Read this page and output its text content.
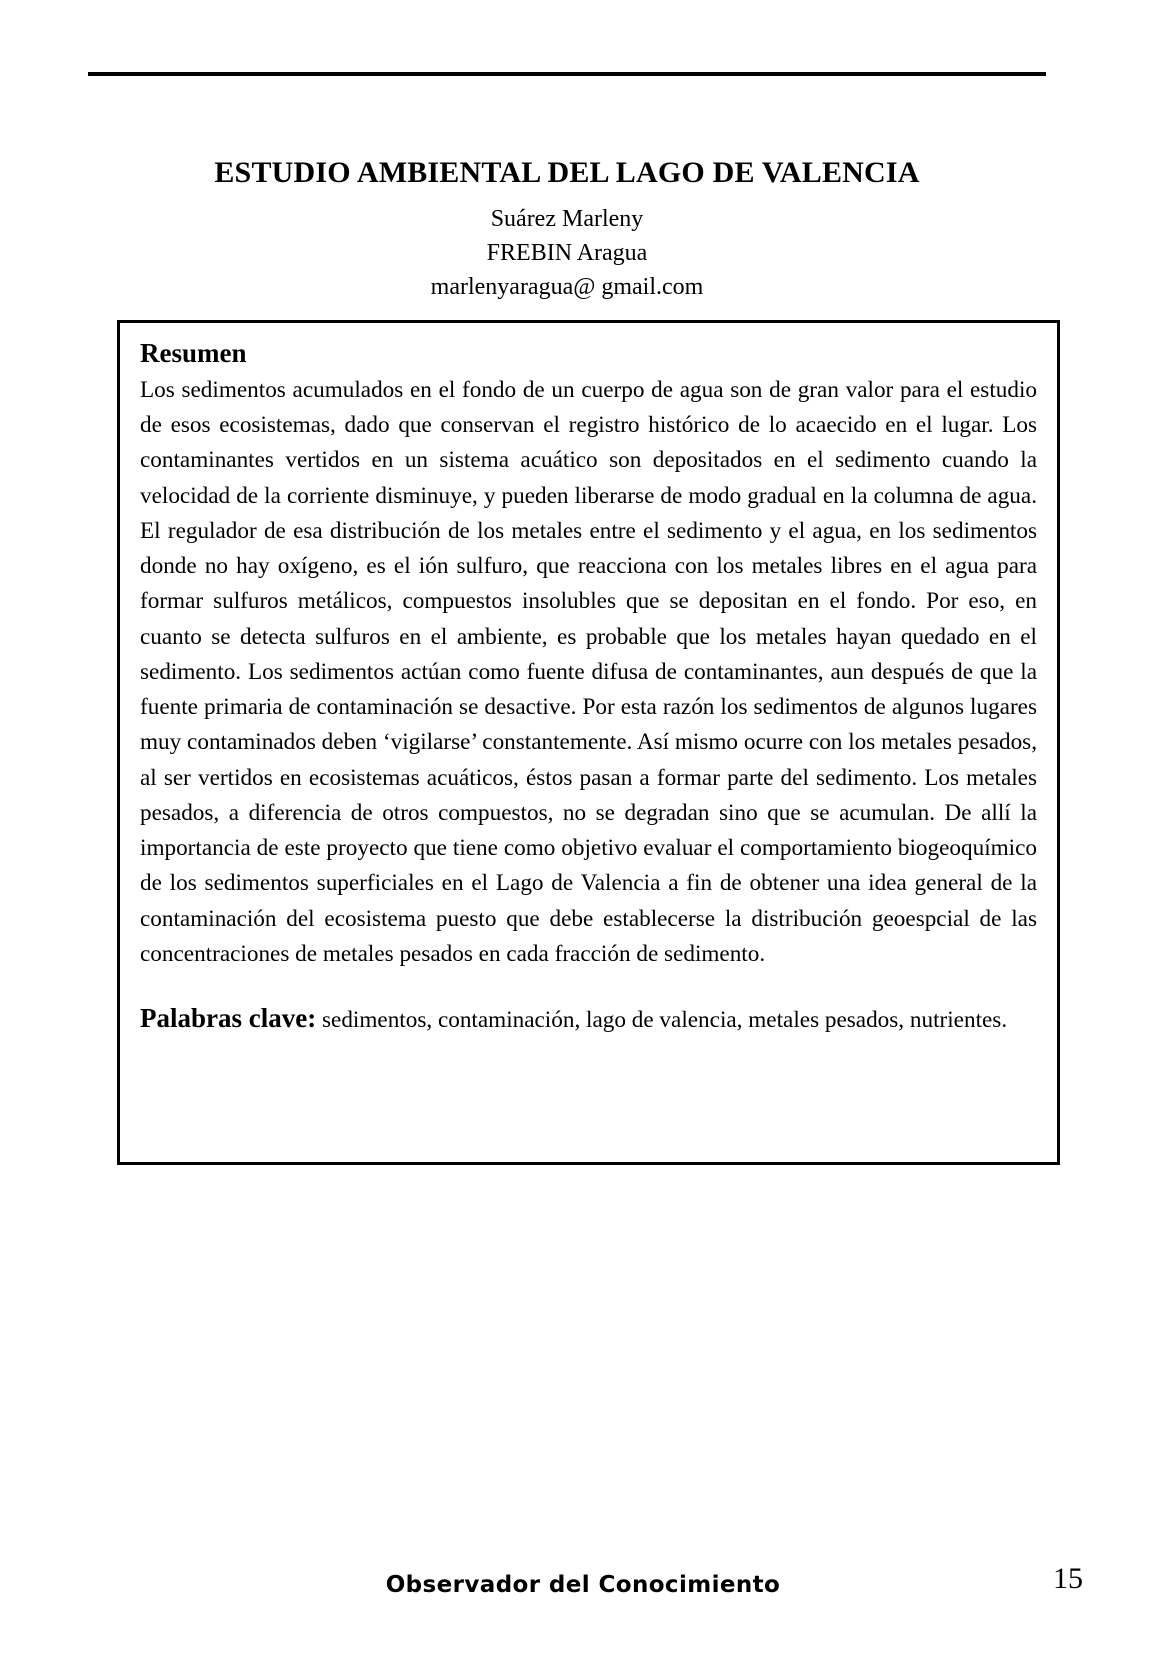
ESTUDIO AMBIENTAL DEL LAGO DE VALENCIA
Suárez Marleny
FREBIN Aragua
marlenyaragua@ gmail.com
Resumen

Los sedimentos acumulados en el fondo de un cuerpo de agua son de gran valor para el estudio de esos ecosistemas, dado que conservan el registro histórico de lo acaecido en el lugar. Los contaminantes vertidos en un sistema acuático son depositados en el sedimento cuando la velocidad de la corriente disminuye, y pueden liberarse de modo gradual en la columna de agua. El regulador de esa distribución de los metales entre el sedimento y el agua, en los sedimentos donde no hay oxígeno, es el ión sulfuro, que reacciona con los metales libres en el agua para formar sulfuros metálicos, compuestos insolubles que se depositan en el fondo. Por eso, en cuanto se detecta sulfuros en el ambiente, es probable que los metales hayan quedado en el sedimento. Los sedimentos actúan como fuente difusa de contaminantes, aun después de que la fuente primaria de contaminación se desactive. Por esta razón los sedimentos de algunos lugares muy contaminados deben ‘vigilarse’ constantemente. Así mismo ocurre con los metales pesados, al ser vertidos en ecosistemas acuáticos, éstos pasan a formar parte del sedimento. Los metales pesados, a diferencia de otros compuestos, no se degradan sino que se acumulan. De allí la importancia de este proyecto que tiene como objetivo evaluar el comportamiento biogeoquímico de los sedimentos superficiales en el Lago de Valencia a fin de obtener una idea general de la contaminación del ecosistema puesto que debe establecerse la distribución geoespcial de las concentraciones de metales pesados en cada fracción de sedimento.

Palabras clave: sedimentos, contaminación, lago de valencia, metales pesados, nutrientes.

Observador del Conocimiento	15
